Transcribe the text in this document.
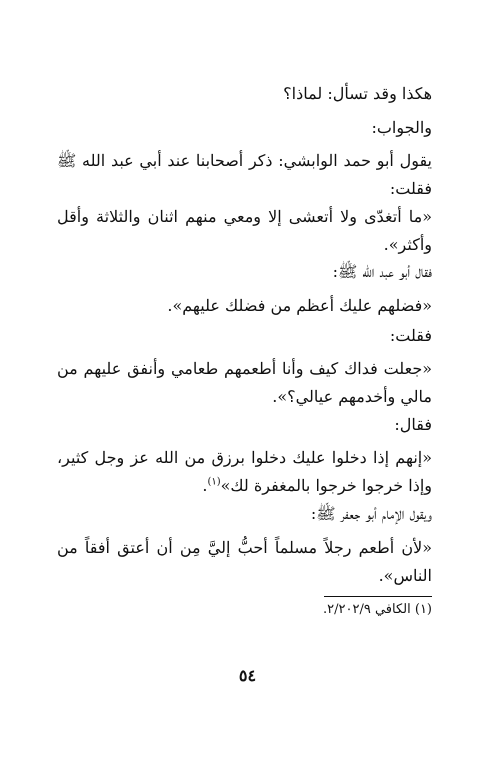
هكذا وقد تسأل: لماذا؟
والجواب:
يقول أبو حمد الوابشي: ذكر أصحابنا عند أبي عبد الله ﷺ فقلت:
«ما أتغدّى ولا أتعشى إلا ومعي منهم اثنان والثلاثة وأقل وأكثر».
فقال أبو عبد الله ﷺ:
«فضلهم عليك أعظم من فضلك عليهم».
فقلت:
«جعلت فداك كيف وأنا أطعمهم طعامي وأنفق عليهم من مالي وأخدمهم عيالي؟».
فقال:
«إنهم إذا دخلوا عليك دخلوا برزق من الله عز وجل كثير، وإذا خرجوا خرجوا بالمغفرة لك»$^{(١)}$.
ويقول الإمام أبو جعفر ﷺ:
«لأن أطعم رجلاً مسلماً أحبُّ إليَّ مِن أن أعتق أفقاً من الناس».
(١) الكافي ٢/٢٠٢/٩.
٥٤
